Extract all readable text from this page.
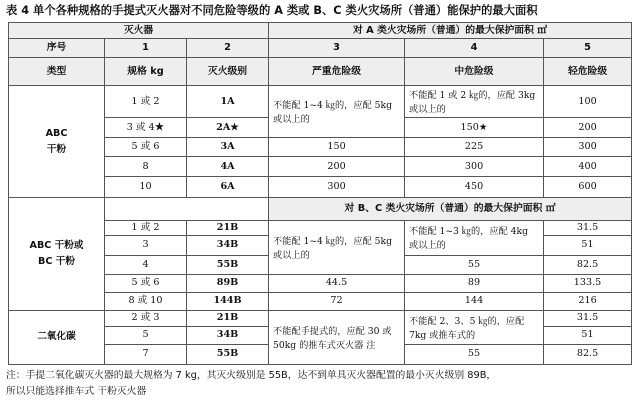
表 4 单个各种规格的手提式灭火器对不同危险等级的 A 类或 B、C 类火灾场所（普通）能保护的最大面积
灭火器			对 A 类火灾场所（普通）的最大保护面积 ㎡		
序号	1	2	3	4	5
类型	规格 kg	灭火级别	严重危险级	中危险级	轻危险级
ABC
干粉	1 或 2	1A	不能配 1~4 ㎏的，应配 5kg 或以上的	不能配 1 或 2 ㎏的，应配 3kg 或以上的	100
	3 或 4★	2A★		150★	200
	5 或 6	3A	150	225	300
	8	4A	200	300	400
	10	6A	300	450	600
ABC 干粉或
BC 干粉			对 B、C 类火灾场所（普通）的最大保护面积 ㎡		
	1 或 2	21B	不能配 1~4 ㎏的，应配 5kg 或以上的	不能配 1~3 ㎏的，应配 4kg 或以上的	31.5
	3	34B			51
	4	55B		55	82.5
	5 或 6	89B	44.5	89	133.5
	8 或 10	144B	72	144	216
二氧化碳	2 或 3	21B	不能配手提式的，应配 30 或 50kg 的推车式灭火器 注	不能配 2、3、5 ㎏的，应配 7kg 或推车式的	31.5
	5	34B			51
	7	55B		55	82.5
注：手提二氧化碳灭火器的最大规格为 7 kg，其灭火级别是 55B，达不到单具灭火器配置的最小灭火级别 89B，
所以只能选择推车式 干粉灭火器
